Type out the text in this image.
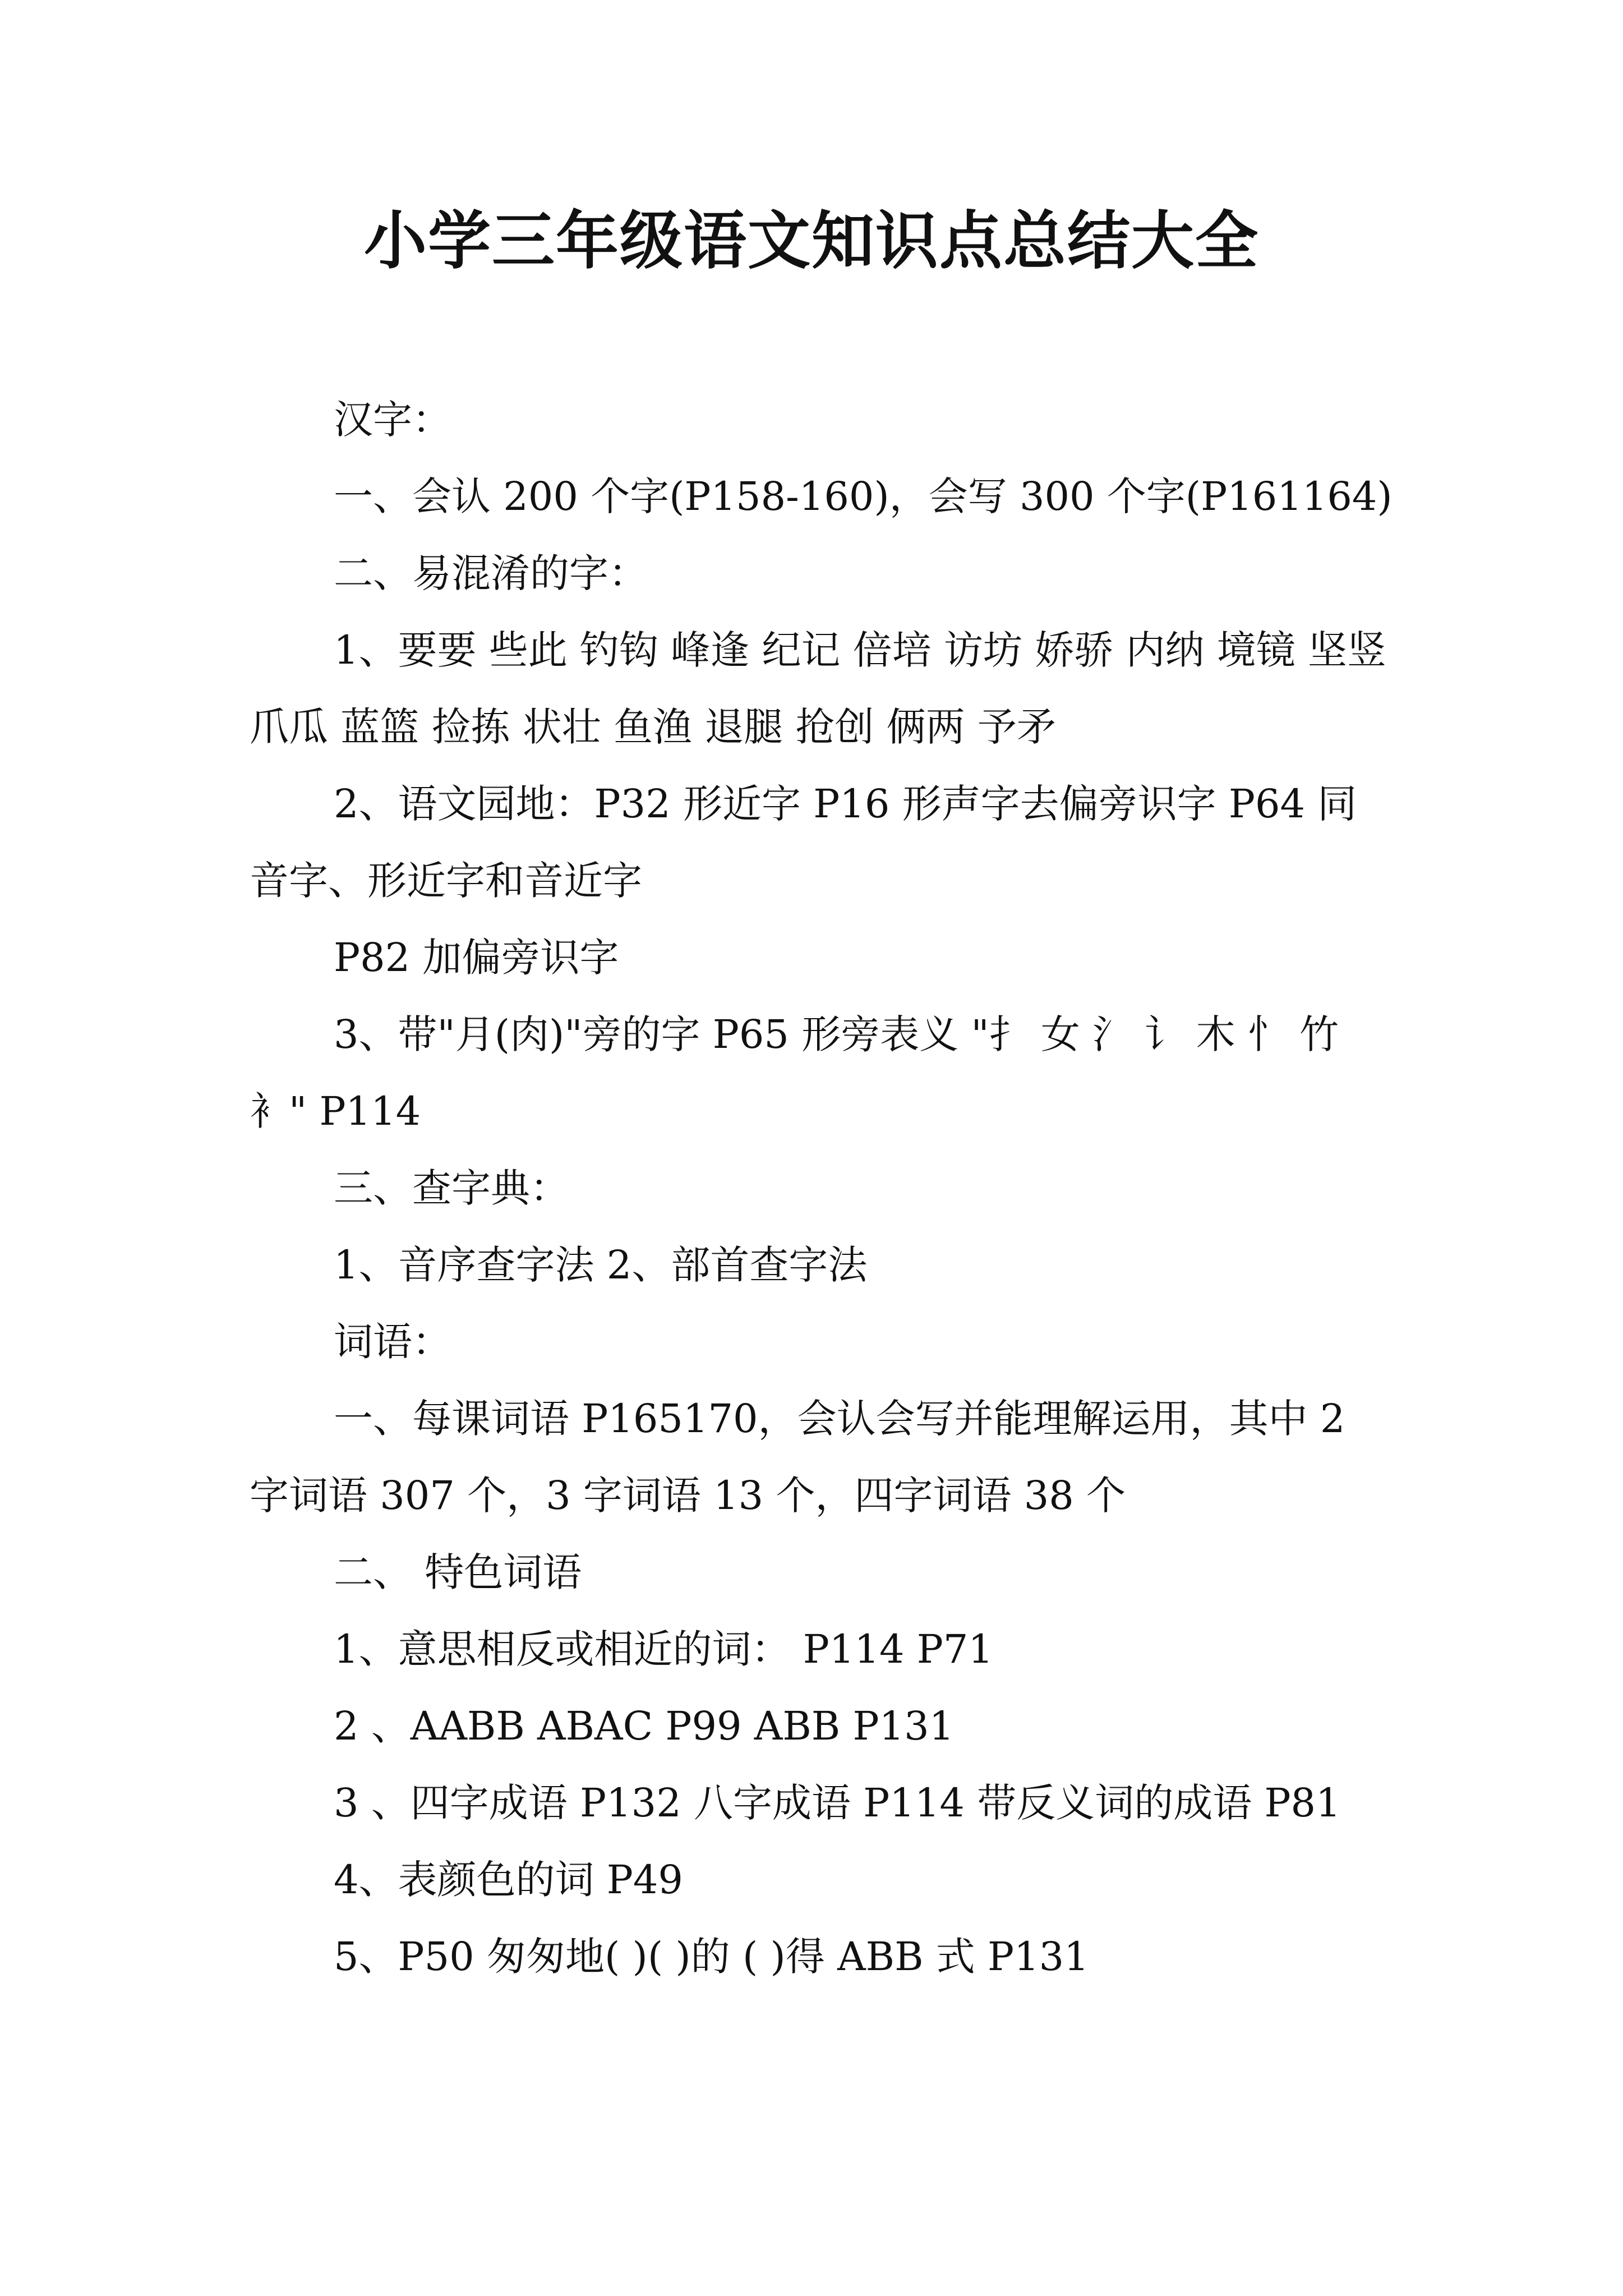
小学三年级语文知识点总结大全

汉字：

一、会认 200 个字(P158-160)，会写 300 个字(P161164)

二、易混淆的字：

1、要要 些此 钓钩 峰逢 纪记 倍培 访坊 娇骄 内纳 境镜 坚竖 爪瓜 蓝篮 捡拣 状壮 鱼渔 退腿 抢创 俩两 予矛

2、语文园地：P32 形近字 P16 形声字去偏旁识字 P64 同音字、形近字和音近字

P82 加偏旁识字

3、带"月(肉)"旁的字 P65 形旁表义 "扌 女 氵 讠 木 忄 竹 衤" P114

三、查字典：

1、音序查字法 2、部首查字法

词语：

一、每课词语 P165170，会认会写并能理解运用，其中 2 字词语 307 个，3 字词语 13 个，四字词语 38 个

二、 特色词语

1、意思相反或相近的词： P114 P71

2 、AABB ABAC P99 ABB P131

3 、四字成语 P132 八字成语 P114 带反义词的成语 P81

4、表颜色的词 P49

5、P50 匆匆地( )( )的 ( )得 ABB 式 P131
